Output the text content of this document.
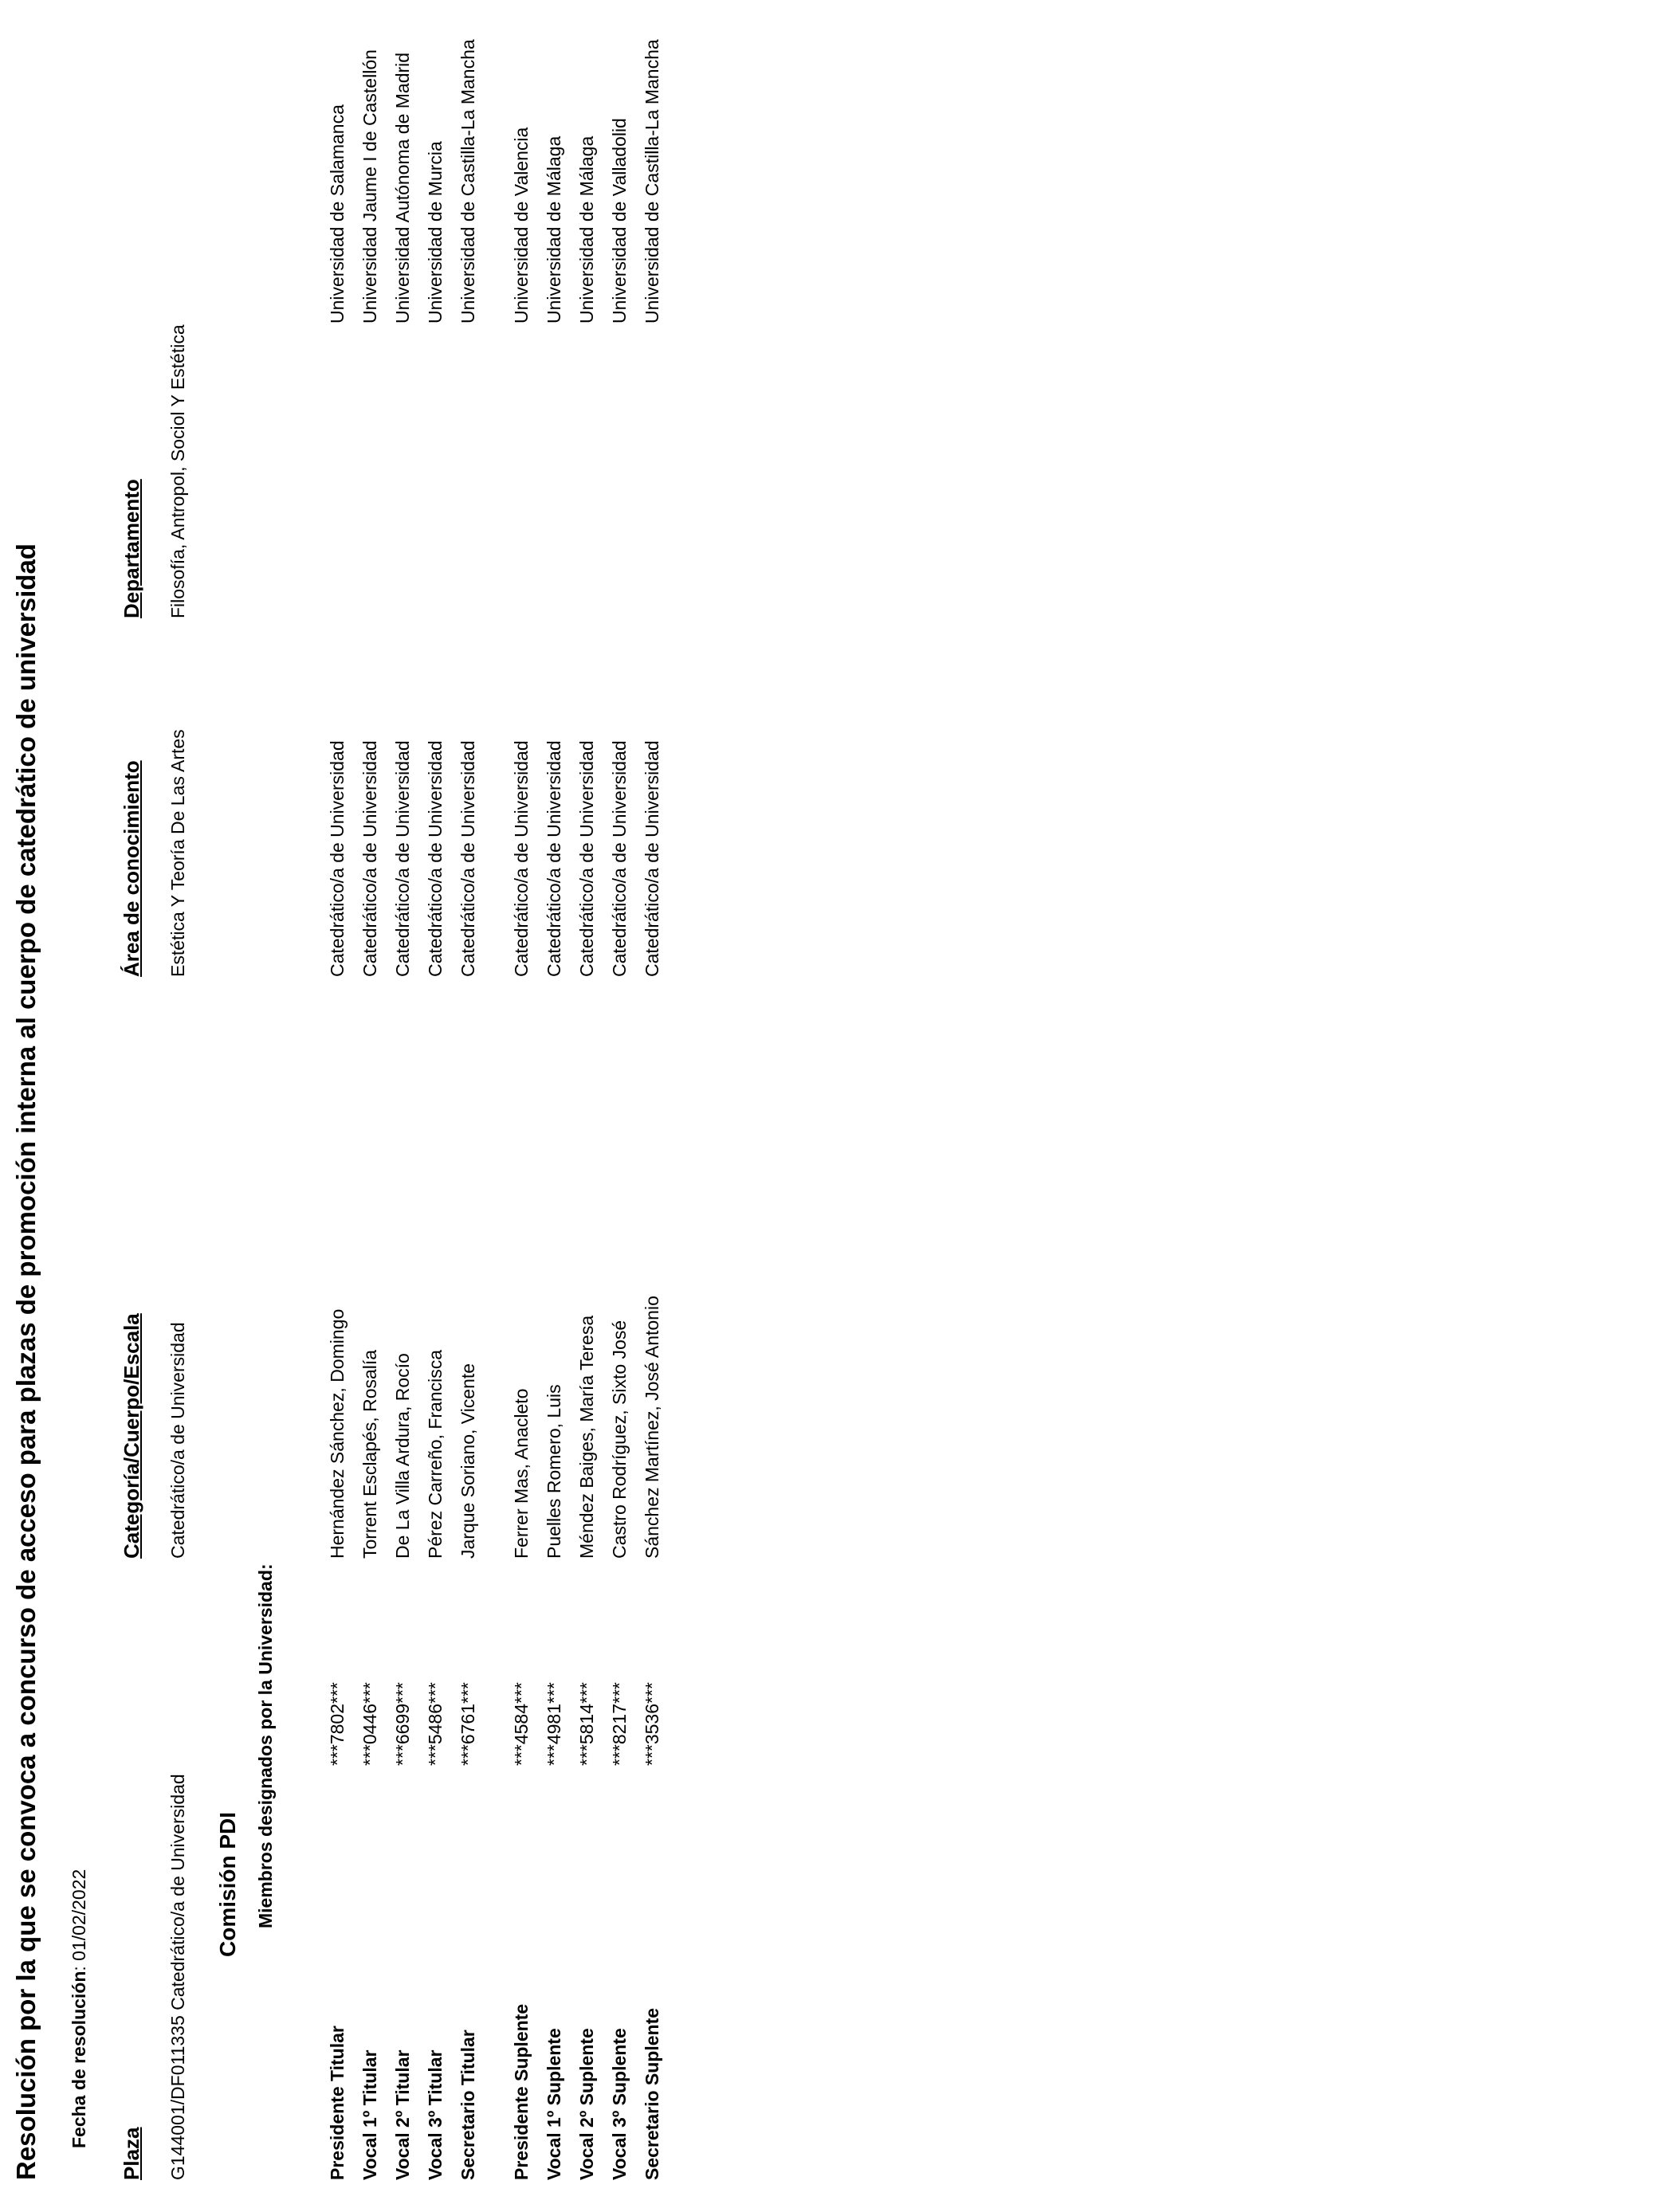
Resolución por la que se convoca a concurso de acceso para plazas de promoción interna al cuerpo de catedrático de universidad Fecha de resolución: 01/02/2022
Plaza
Categoría/Cuerpo/Escala
Área de conocimiento
Departamento
G144001/DF011335 Catedrático/a de Universidad
Catedrático/a de Universidad
Estética Y Teoría De Las Artes
Filosofía, Antropol, Sociol Y Estética
Comisión PDI Miembros designados por la Universidad:
Presidente Titular
***7802***
Hernández Sánchez, Domingo
Catedrático/a de Universidad
Universidad de Salamanca
Vocal 1º Titular
***0446***
Torrent Esclapés, Rosalía
Catedrático/a de Universidad
Universidad Jaume I de Castellón
Vocal 2º Titular
***6699***
De La Villa Ardura, Rocío
Catedrático/a de Universidad
Universidad Autónoma de Madrid
Vocal 3º Titular
***5486***
Pérez Carreño, Francisca
Catedrático/a de Universidad
Universidad de Murcia
Secretario Titular
***6761***
Jarque Soriano, Vicente
Catedrático/a de Universidad
Universidad de Castilla-La Mancha
Presidente Suplente
***4584***
Ferrer Mas, Anacleto
Catedrático/a de Universidad
Universidad de Valencia
Vocal 1º Suplente
***4981***
Puelles Romero, Luis
Catedrático/a de Universidad
Universidad de Málaga
Vocal 2º Suplente
***5814***
Méndez Baiges, María Teresa
Catedrático/a de Universidad
Universidad de Málaga
Vocal 3º Suplente
***8217***
Castro Rodríguez, Sixto José
Catedrático/a de Universidad
Universidad de Valladolid
Secretario Suplente
***3536***
Sánchez Martínez, José Antonio
Catedrático/a de Universidad
Universidad de Castilla-La Mancha
